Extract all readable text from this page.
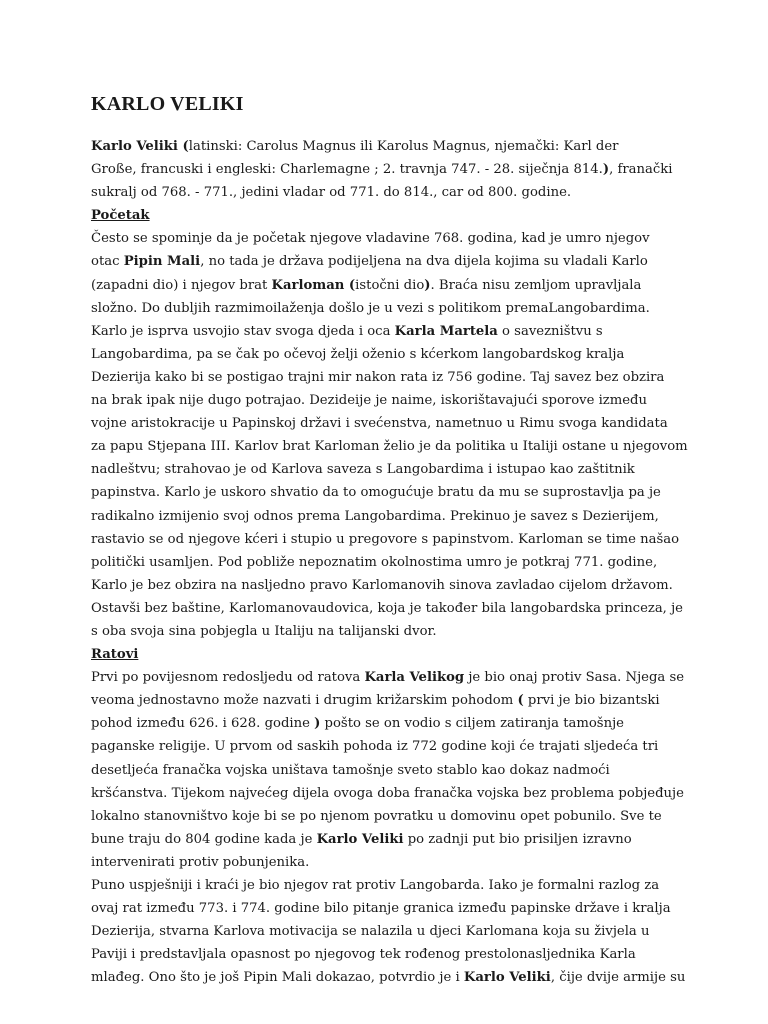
KARLO VELIKI
Karlo Veliki (latinski: Carolus Magnus ili Karolus Magnus, njemački: Karl der
Große, francuski i engleski: Charlemagne ; 2. travnja 747. - 28. siječnja 814.), franački
sukralj od 768. - 771., jedini vladar od 771. do 814., car od 800. godine.
Početak
Često se spominje da je početak njegove vladavine 768. godina, kad je umro njegov
otac Pipin Mali, no tada je država podijeljena na dva dijela kojima su vladali Karlo
(zapadni dio) i njegov brat Karloman (istočni dio). Braća nisu zemljom upravljala
složno. Do dubljih razmimoilaženja došlo je u vezi s politikom premaLangobardima.
Karlo je isprva usvojio stav svoga djeda i oca Karla Martela o savezništvu s
Langobardima, pa se čak po očevoj želji oženio s kćerkom langobardskog kralja
Dezierija kako bi se postigao trajni mir nakon rata iz 756 godine. Taj savez bez obzira
na brak ipak nije dugo potrajao. Dezideije je naime, iskorištavajući sporove između
vojne aristokracije u Papinskoj državi i svećenstva, nametnuo u Rimu svoga kandidata
za papu Stjepana III. Karlov brat Karloman želio je da politika u Italiji ostane u njegovom
nadleštvu; strahovao je od Karlova saveza s Langobardima i istupao kao zaštitnik
papinstva. Karlo je uskoro shvatio da to omogućuje bratu da mu se suprostavlja pa je
radikalno izmijenio svoj odnos prema Langobardima. Prekinuo je savez s Dezierijem,
rastavio se od njegove kćeri i stupio u pregovore s papinstvom. Karloman se time našao
politički usamljen. Pod pobliže nepoznatim okolnostima umro je potkraj 771. godine,
Karlo je bez obzira na nasljedno pravo Karlomanovih sinova zavladao cijelom državom.
Ostavši bez baštine, Karlomanovaudovica, koja je također bila langobardska princeza, je
s oba svoja sina pobjegla u Italiju na talijanski dvor.
Ratovi
Prvi po povijesnom redosljedu od ratova Karla Velikog je bio onaj protiv Sasa. Njega se
veoma jednostavno može nazvati i drugim križarskim pohodom ( prvi je bio bizantski
pohod između 626. i 628. godine ) pošto se on vodio s ciljem zatiranja tamošnje
paganske religije. U prvom od saskih pohoda iz 772 godine koji će trajati sljedeća tri
desetljeća franačka vojska uništava tamošnje sveto stablo kao dokaz nadmoći
kršćanstva. Tijekom najvećeg dijela ovoga doba franačka vojska bez problema pobjeđuje
lokalno stanovništvo koje bi se po njenom povratku u domovinu opet pobunilo. Sve te
bune traju do 804 godine kada je Karlo Veliki po zadnji put bio prisiljen izravno
intervenirati protiv pobunjenika.
Puno uspješniji i kraći je bio njegov rat protiv Langobarda. Iako je formalni razlog za
ovaj rat između 773. i 774. godine bilo pitanje granica između papinske države i kralja
Dezierija, stvarna Karlova motivacija se nalazila u djeci Karlomana koja su živjela u
Paviji i predstavljala opasnost po njegovog tek rođenog prestolonasljednika Karla
mlađeg. Ono što je još Pipin Mali dokazao, potvrdio je i Karlo Veliki, čije dvije armije su
